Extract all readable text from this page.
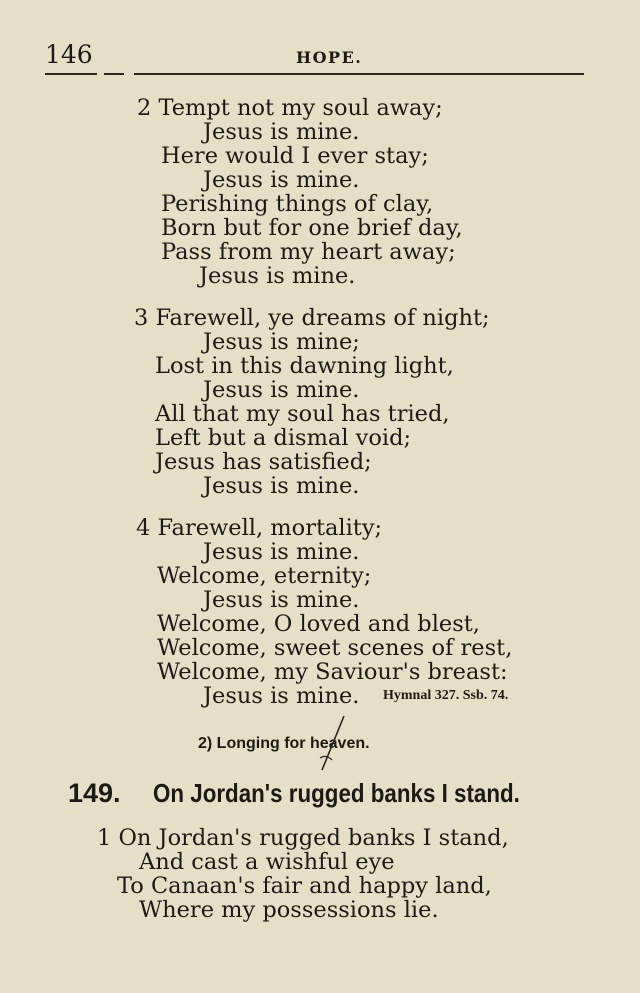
146	HOPE.
2 Tempt not my soul away;
Jesus is mine.
Here would I ever stay;
Jesus is mine.
Perishing things of clay,
Born but for one brief day,
Pass from my heart away;
Jesus is mine.
3 Farewell, ye dreams of night;
Jesus is mine;
Lost in this dawning light,
Jesus is mine.
All that my soul has tried,
Left but a dismal void;
Jesus has satisfied;
Jesus is mine.
4 Farewell, mortality;
Jesus is mine.
Welcome, eternity;
Jesus is mine.
Welcome, O loved and blest,
Welcome, sweet scenes of rest,
Welcome, my Saviour's breast:
Jesus is mine. Hymnal 327. Ssb. 74.
2) Longing for heaven.
149. On Jordan's rugged banks I stand.
1 On Jordan's rugged banks I stand,
And cast a wishful eye
To Canaan's fair and happy land,
Where my possessions lie.
